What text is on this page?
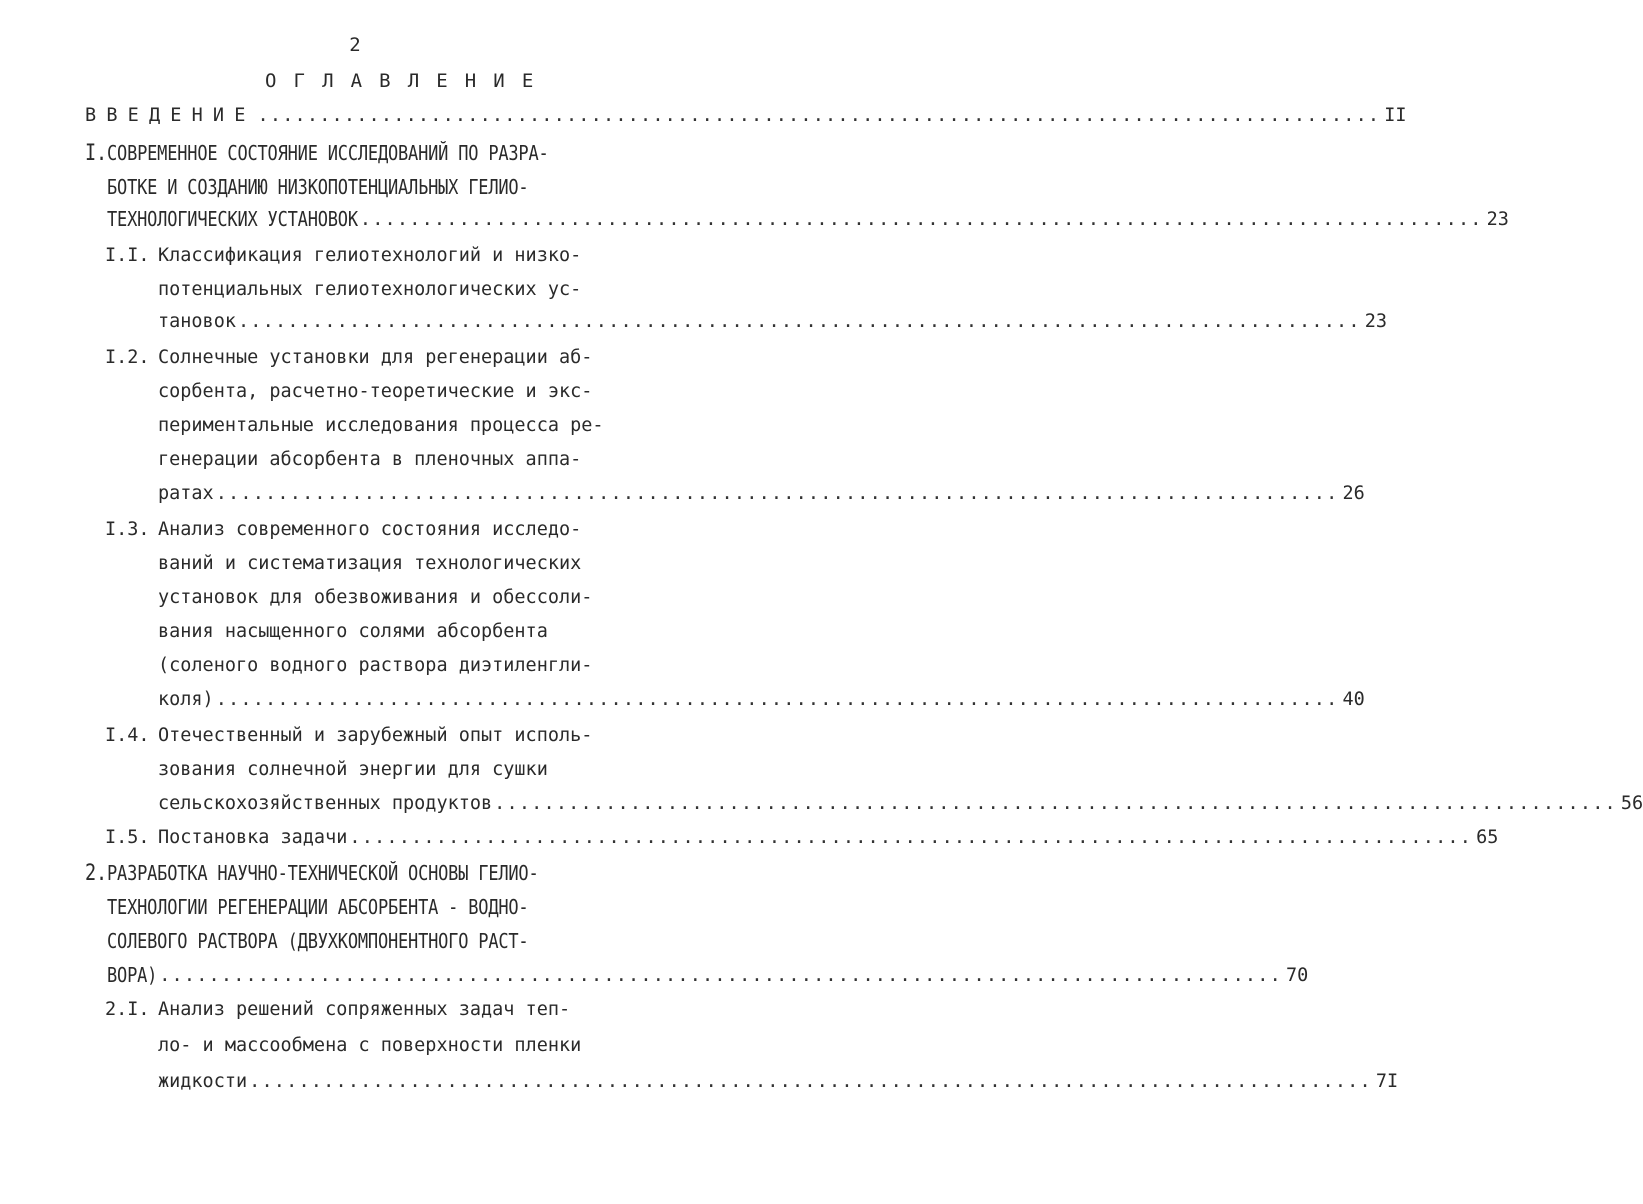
2
ОГЛАВЛЕНИЕ
ВВЕДЕНИЕ ........................................................................................... II
I. СОВРЕМЕННОЕ СОСТОЯНИЕ ИССЛЕДОВАНИЙ ПО РАЗРА-
БОТКЕ И СОЗДАНИЮ НИЗКОПОТЕНЦИАЛЬНЫХ ГЕЛИО-
ТЕХНОЛОГИЧЕСКИХ УСТАНОВОК ........................................................................................... 23
I.I. Классификация гелиотехнологий и низко-
потенциальных гелиотехнологических ус-
тановок ........................................................................................... 23
I.2. Солнечные установки для регенерации аб-
сорбента, расчетно-теоретические и экс-
периментальные исследования процесса ре-
генерации абсорбента в пленочных аппа-
ратах ........................................................................................... 26
I.3. Анализ современного состояния исследо-
ваний и систематизация технологических
установок для обезвоживания и обессоли-
вания насыщенного солями абсорбента
(соленого водного раствора диэтиленгли-
коля) ........................................................................................... 40
I.4. Отечественный и зарубежный опыт исполь-
зования солнечной энергии для сушки
сельскохозяйственных продуктов ........................................................................................... 56
I.5. Постановка задачи ........................................................................................... 65
2. РАЗРАБОТКА НАУЧНО-ТЕХНИЧЕСКОЙ ОСНОВЫ ГЕЛИО-
ТЕХНОЛОГИИ РЕГЕНЕРАЦИИ АБСОРБЕНТА - ВОДНО-
СОЛЕВОГО РАСТВОРА (ДВУХКОМПОНЕНТНОГО РАСТ-
ВОРА) ........................................................................................... 70
2.I. Анализ решений сопряженных задач теп-
ло- и массообмена с поверхности пленки
жидкости ........................................................................................... 7I
